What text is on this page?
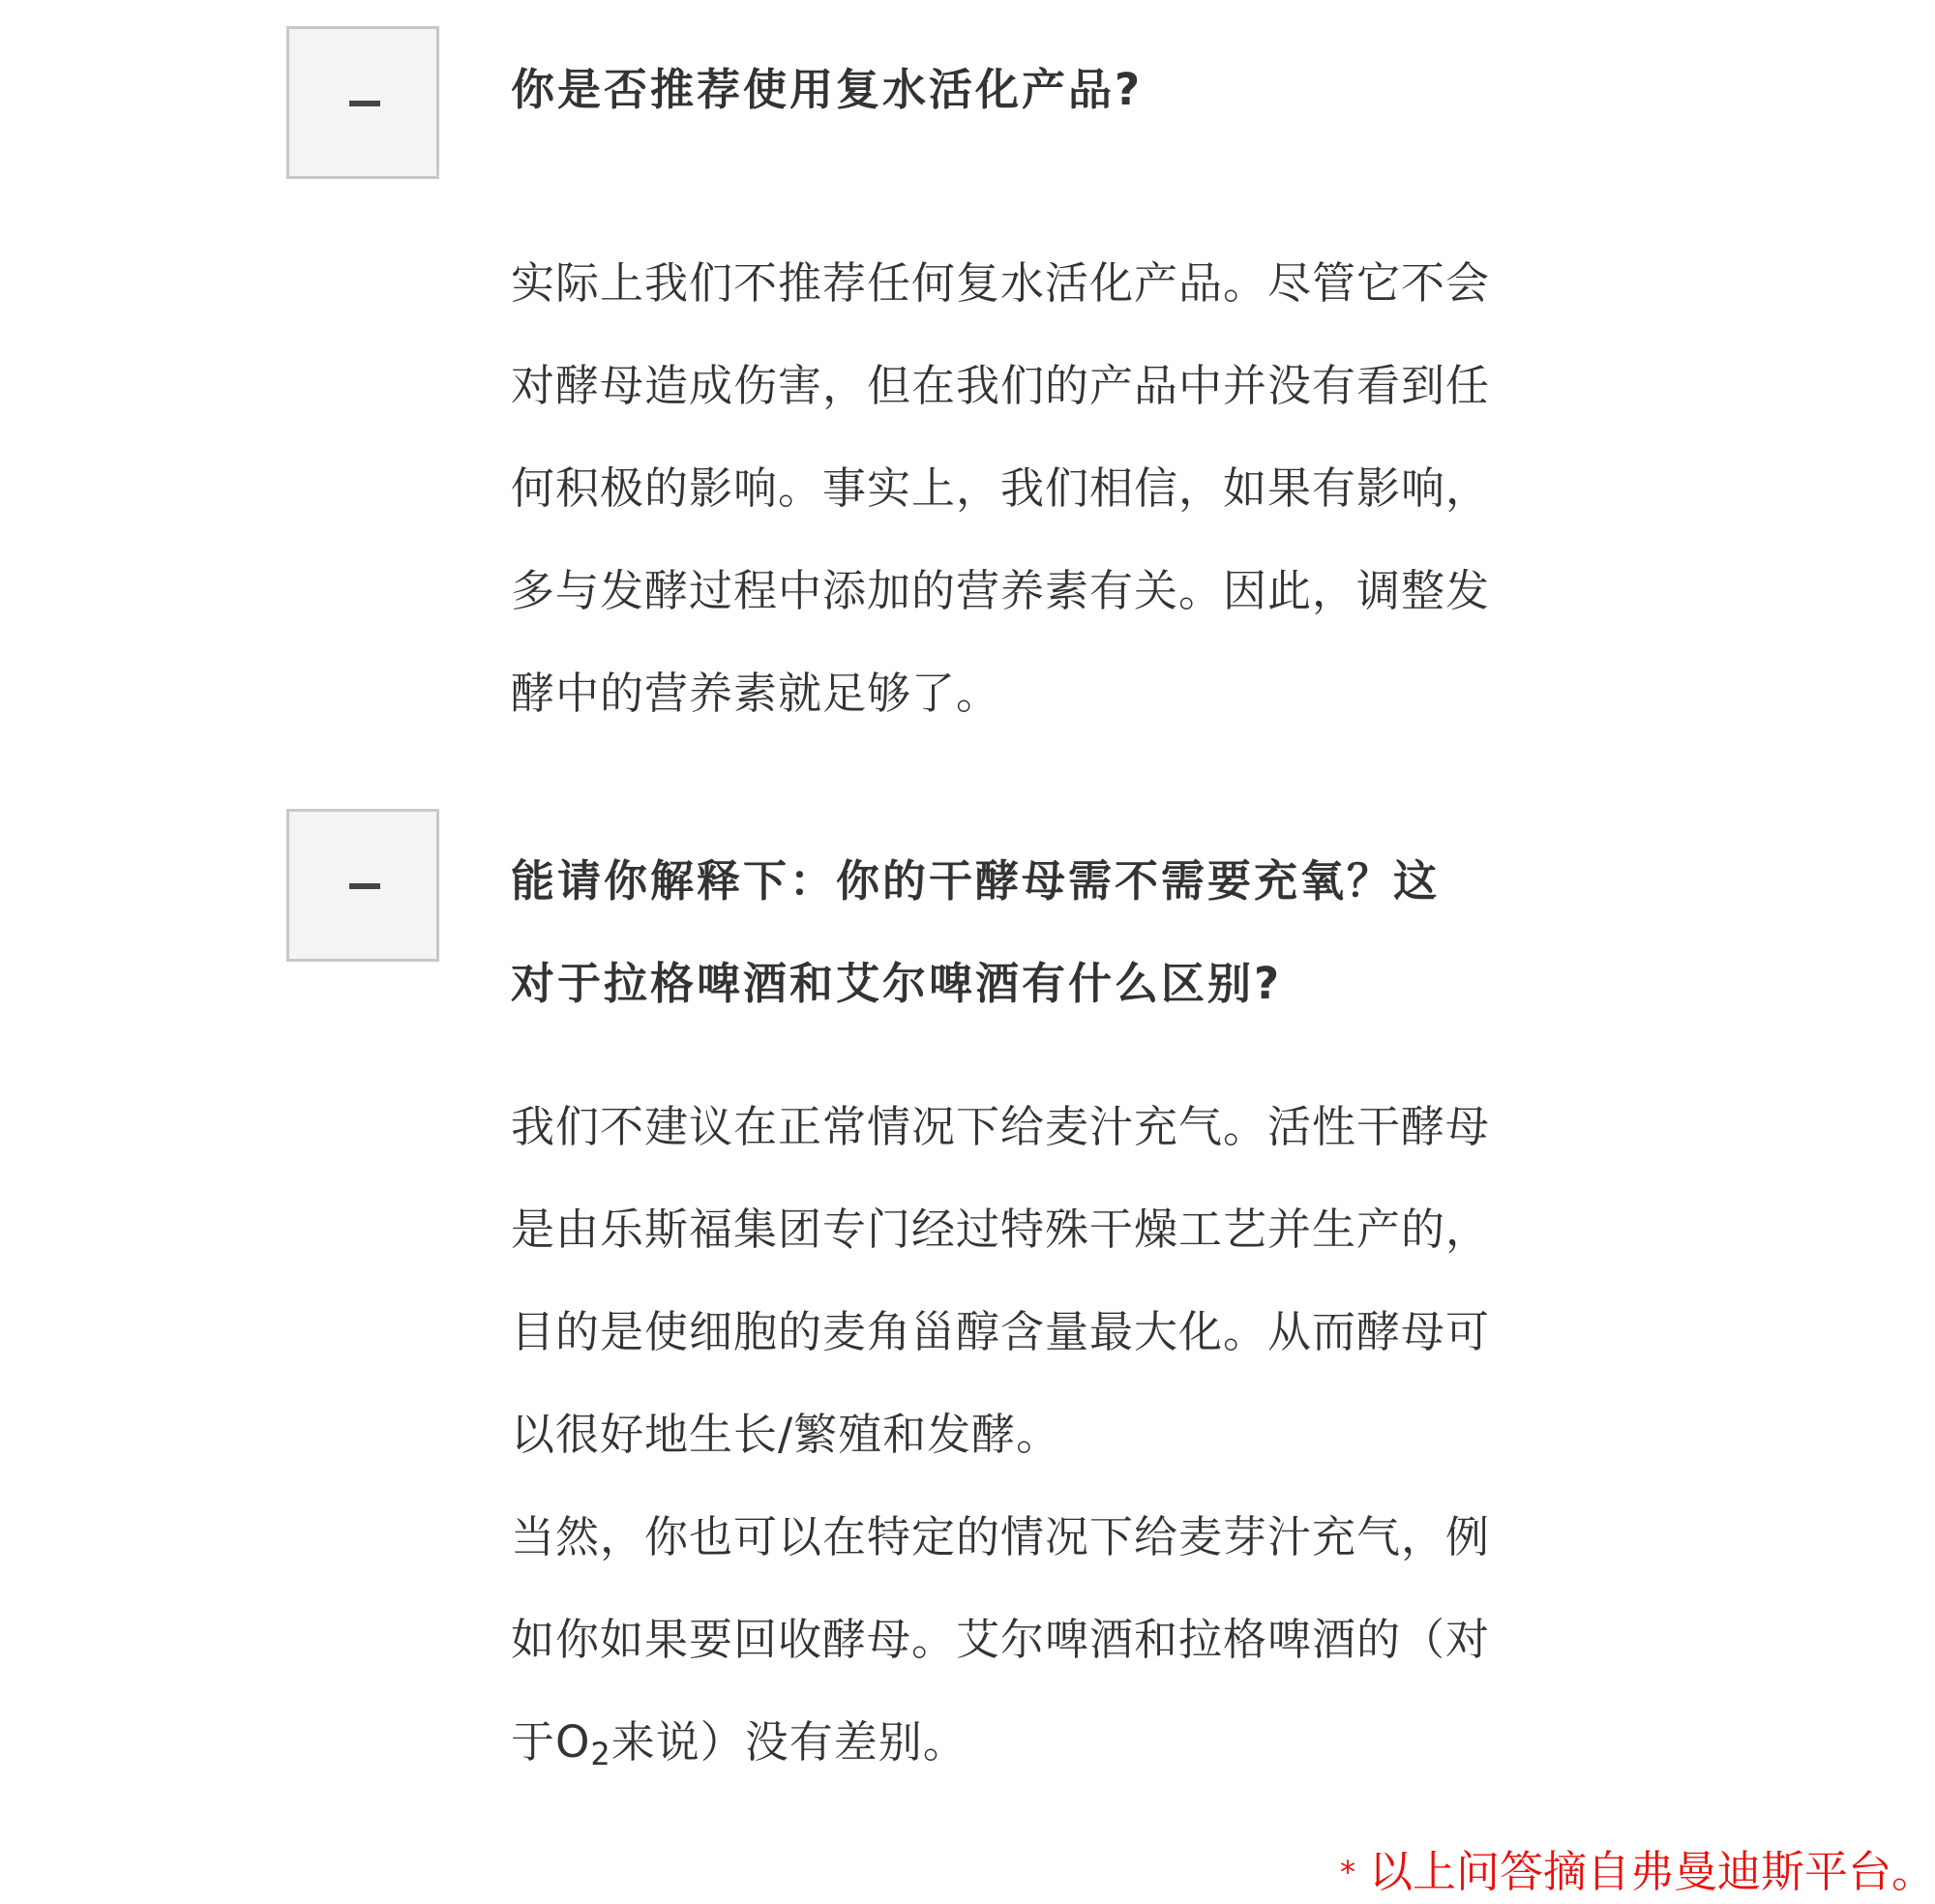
你是否推荐使用复水活化产品?

实际上我们不推荐任何复水活化产品。尽管它不会

对酵母造成伤害，但在我们的产品中并没有看到任

何积极的影响。事实上，我们相信，如果有影响，

多与发酵过程中添加的营养素有关。因此，调整发

酵中的营养素就足够了。

能请你解释下：你的干酵母需不需要充氧？这
对于拉格啤酒和艾尔啤酒有什么区别?

我们不建议在正常情况下给麦汁充气。活性干酵母

是由乐斯福集团专门经过特殊干燥工艺并生产的，

目的是使细胞的麦角甾醇含量最大化。从而酵母可

以很好地生长/繁殖和发酵。

当然，你也可以在特定的情况下给麦芽汁充气，例

如你如果要回收酵母。艾尔啤酒和拉格啤酒的（对

于$O_2$来说）没有差别。

* 以上问答摘自弗曼迪斯平台。
